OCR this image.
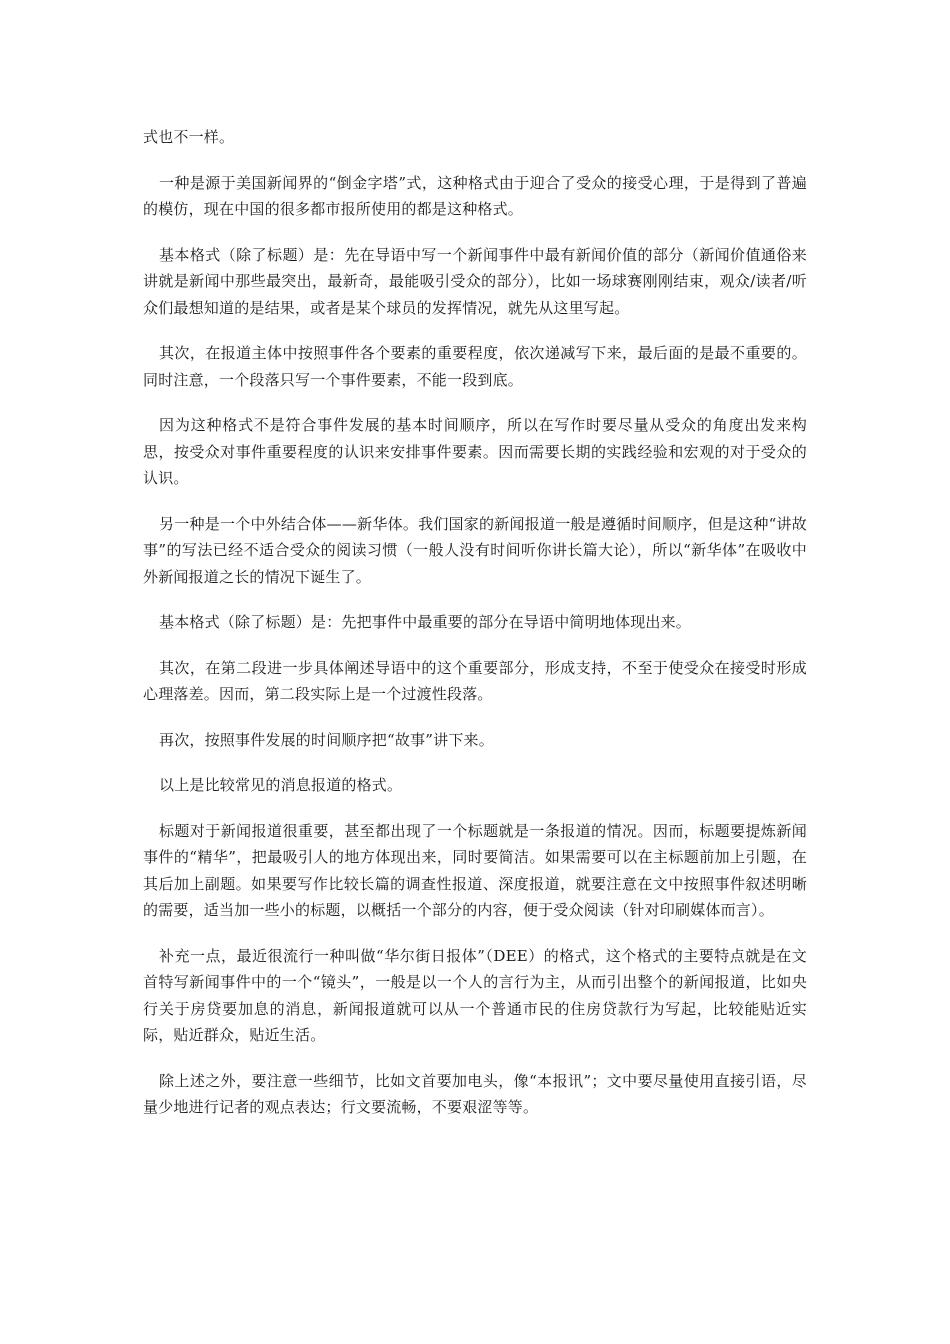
式也不一样。

一种是源于美国新闻界的“倒金字塔”式，这种格式由于迎合了受众的接受心理，于是得到了普遍的模仿，现在中国的很多都市报所使用的都是这种格式。

基本格式（除了标题）是：先在导语中写一个新闻事件中最有新闻价值的部分（新闻价值通俗来讲就是新闻中那些最突出，最新奇，最能吸引受众的部分），比如一场球赛刚刚结束，观众/读者/听众们最想知道的是结果，或者是某个球员的发挥情况，就先从这里写起。

其次，在报道主体中按照事件各个要素的重要程度，依次递减写下来，最后面的是最不重要的。同时注意，一个段落只写一个事件要素，不能一段到底。

因为这种格式不是符合事件发展的基本时间顺序，所以在写作时要尽量从受众的角度出发来构思，按受众对事件重要程度的认识来安排事件要素。因而需要长期的实践经验和宏观的对于受众的认识。

另一种是一个中外结合体——新华体。我们国家的新闻报道一般是遵循时间顺序，但是这种“讲故事”的写法已经不适合受众的阅读习惯（一般人没有时间听你讲长篇大论），所以“新华体”在吸收中外新闻报道之长的情况下诞生了。

基本格式（除了标题）是：先把事件中最重要的部分在导语中简明地体现出来。

其次，在第二段进一步具体阐述导语中的这个重要部分，形成支持，不至于使受众在接受时形成心理落差。因而，第二段实际上是一个过渡性段落。

再次，按照事件发展的时间顺序把“故事”讲下来。

以上是比较常见的消息报道的格式。

标题对于新闻报道很重要，甚至都出现了一个标题就是一条报道的情况。因而，标题要提炼新闻事件的“精华”，把最吸引人的地方体现出来，同时要简洁。如果需要可以在主标题前加上引题，在其后加上副题。如果要写作比较长篇的调查性报道、深度报道，就要注意在文中按照事件叙述明晰的需要，适当加一些小的标题，以概括一个部分的内容，便于受众阅读（针对印刷媒体而言）。

补充一点，最近很流行一种叫做“华尔街日报体”（DEE）的格式，这个格式的主要特点就是在文首特写新闻事件中的一个“镜头”，一般是以一个人的言行为主，从而引出整个的新闻报道，比如央行关于房贷要加息的消息，新闻报道就可以从一个普通市民的住房贷款行为写起，比较能贴近实际，贴近群众，贴近生活。

除上述之外，要注意一些细节，比如文首要加电头，像“本报讯”；文中要尽量使用直接引语，尽量少地进行记者的观点表达；行文要流畅，不要艰涩等等。
